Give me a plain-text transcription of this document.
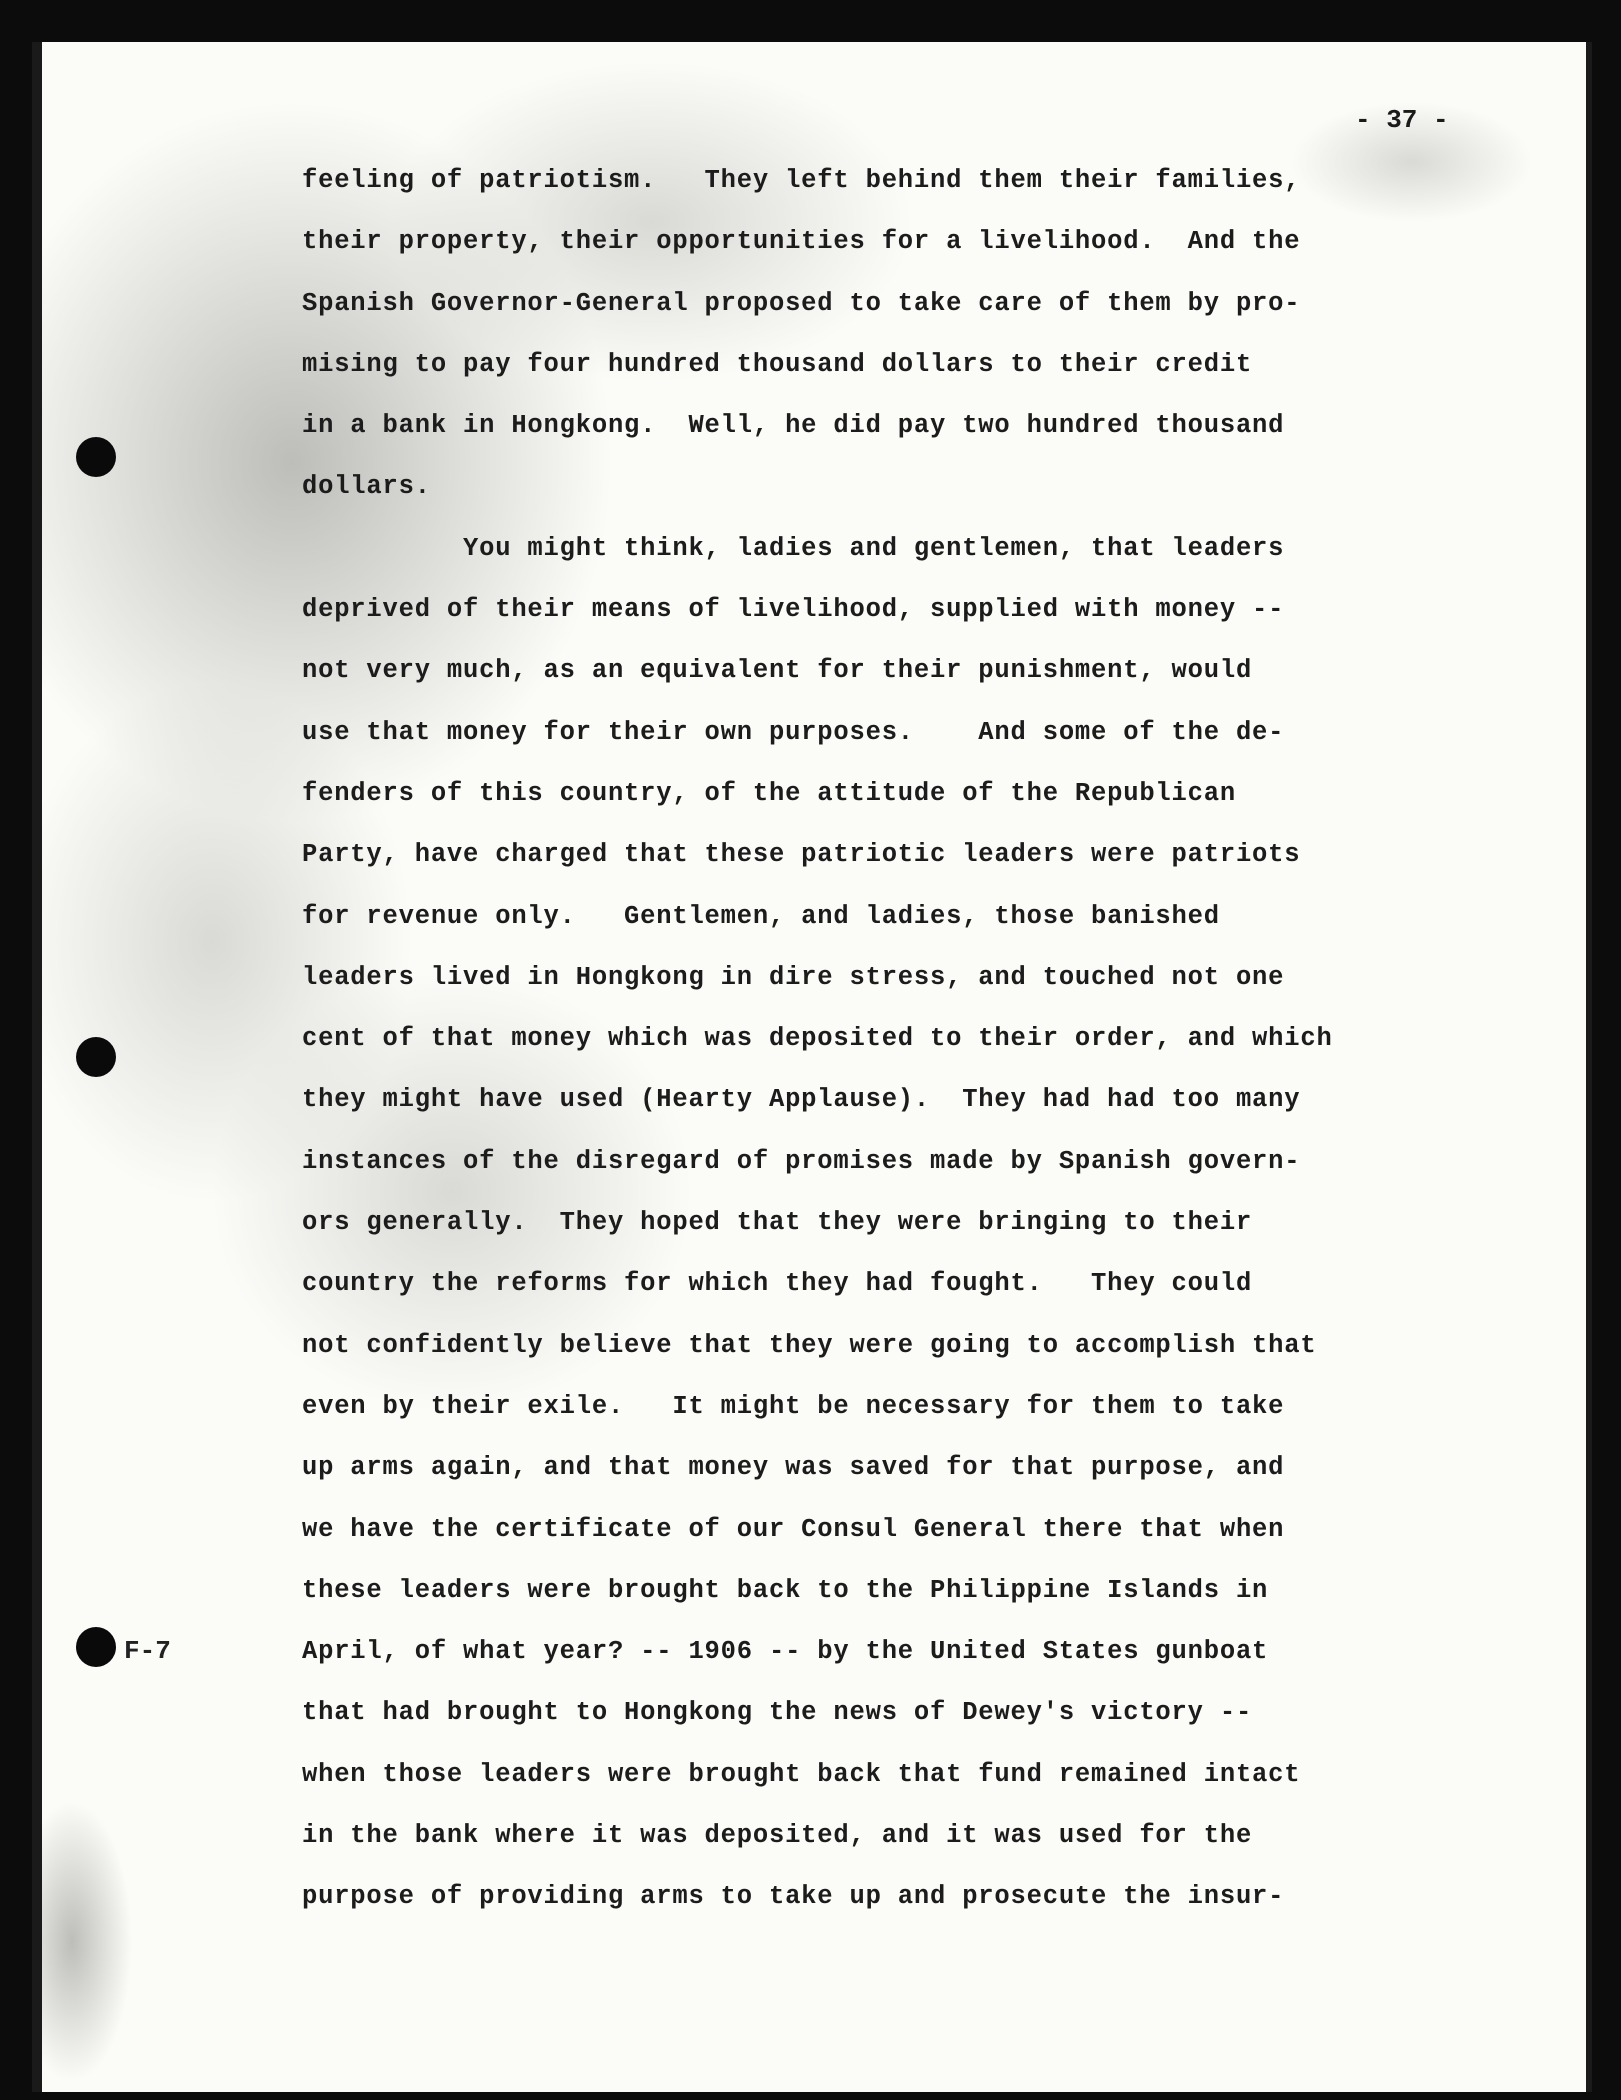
- 37 -
F-7
feeling of patriotism.   They left behind them their families,
their property, their opportunities for a livelihood.  And the
Spanish Governor-General proposed to take care of them by pro-
mising to pay four hundred thousand dollars to their credit
in a bank in Hongkong.  Well, he did pay two hundred thousand
dollars.
You might think, ladies and gentlemen, that leaders
deprived of their means of livelihood, supplied with money --
not very much, as an equivalent for their punishment, would
use that money for their own purposes.    And some of the de-
fenders of this country, of the attitude of the Republican
Party, have charged that these patriotic leaders were patriots
for revenue only.   Gentlemen, and ladies, those banished
leaders lived in Hongkong in dire stress, and touched not one
cent of that money which was deposited to their order, and which
they might have used (Hearty Applause).  They had had too many
instances of the disregard of promises made by Spanish govern-
ors generally.  They hoped that they were bringing to their
country the reforms for which they had fought.   They could
not confidently believe that they were going to accomplish that
even by their exile.   It might be necessary for them to take
up arms again, and that money was saved for that purpose, and
we have the certificate of our Consul General there that when
these leaders were brought back to the Philippine Islands in
April, of what year? -- 1906 -- by the United States gunboat
that had brought to Hongkong the news of Dewey's victory --
when those leaders were brought back that fund remained intact
in the bank where it was deposited, and it was used for the
purpose of providing arms to take up and prosecute the insur-
